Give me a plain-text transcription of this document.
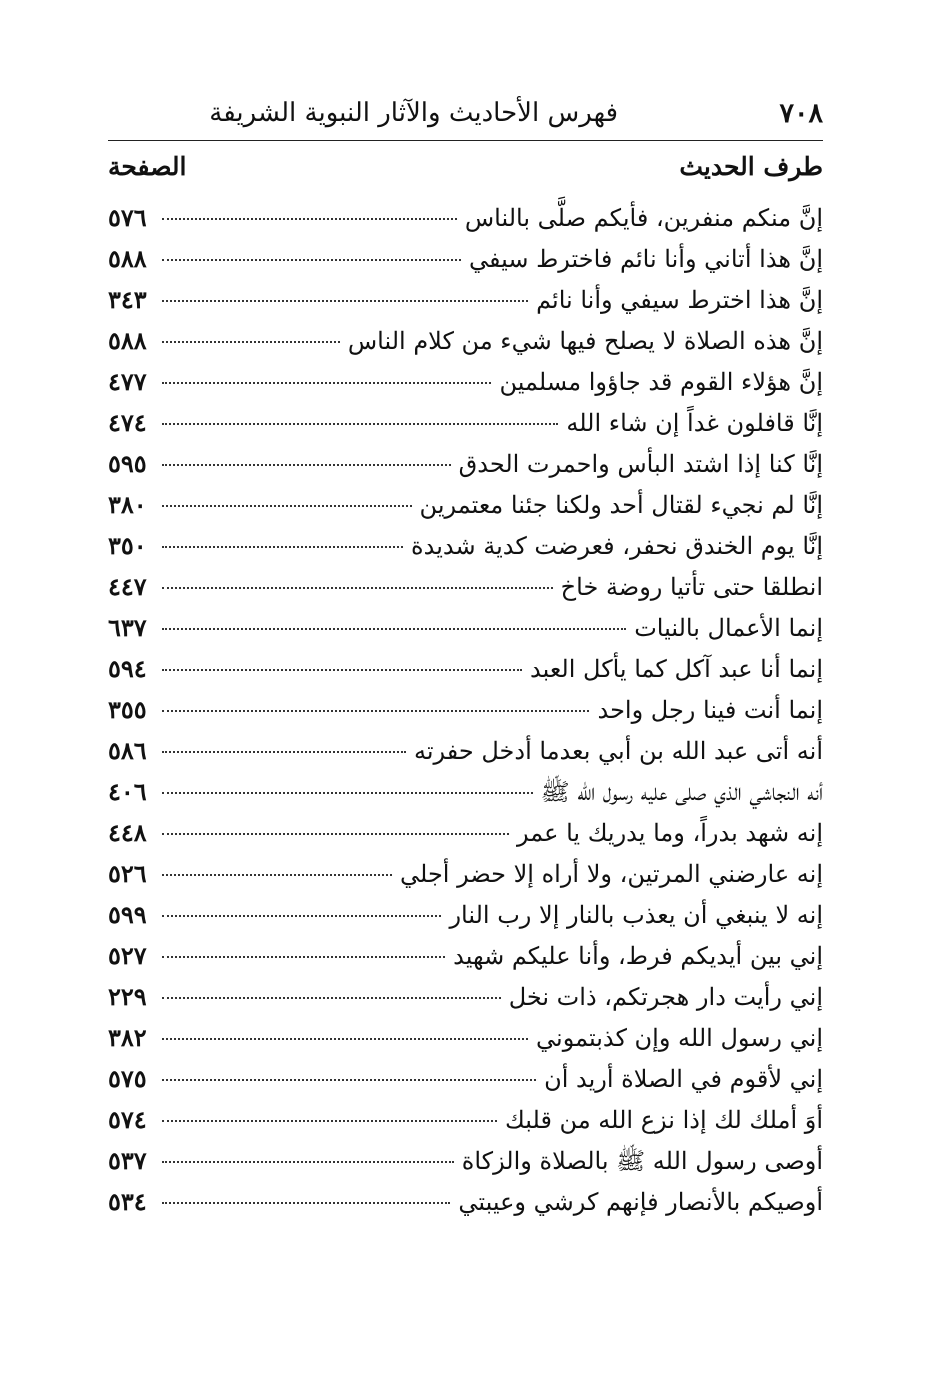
٧٠٨
فهرس الأحاديث والآثار النبوية الشريفة
طرف الحديث
الصفحة
إنَّ منكم منفرين، فأيكم صلَّى بالناس
٥٧٦
إنَّ هذا أتاني وأنا نائم فاخترط سيفي
٥٨٨
إنَّ هذا اخترط سيفي وأنا نائم
٣٤٣
إنَّ هذه الصلاة لا يصلح فيها شيء من كلام الناس
٥٨٨
إنَّ هؤلاء القوم قد جاؤوا مسلمين
٤٧٧
إنَّا قافلون غداً إن شاء الله
٤٧٤
إنَّا كنا إذا اشتد البأس واحمرت الحدق
٥٩٥
إنَّا لم نجيء لقتال أحد ولكنا جئنا معتمرين
٣٨٠
إنَّا يوم الخندق نحفر، فعرضت كدية شديدة
٣٥٠
انطلقا حتى تأتيا روضة خاخ
٤٤٧
إنما الأعمال بالنيات
٦٣٧
إنما أنا عبد آكل كما يأكل العبد
٥٩٤
إنما أنت فينا رجل واحد
٣٥٥
أنه أتى عبد الله بن أبي بعدما أدخل حفرته
٥٨٦
أنه النجاشي الذي صلى عليه رسول الله ﷺ
٤٠٦
إنه شهد بدراً، وما يدريك يا عمر
٤٤٨
إنه عارضني المرتين، ولا أراه إلا حضر أجلي
٥٢٦
إنه لا ينبغي أن يعذب بالنار إلا رب النار
٥٩٩
إني بين أيديكم فرط، وأنا عليكم شهيد
٥٢٧
إني رأيت دار هجرتكم، ذات نخل
٢٢٩
إني رسول الله وإن كذبتموني
٣٨٢
إني لأقوم في الصلاة أريد أن
٥٧٥
أوَ أملك لك إذا نزع الله من قلبك
٥٧٤
أوصى رسول الله ﷺ بالصلاة والزكاة
٥٣٧
أوصيكم بالأنصار فإنهم كرشي وعيبتي
٥٣٤
